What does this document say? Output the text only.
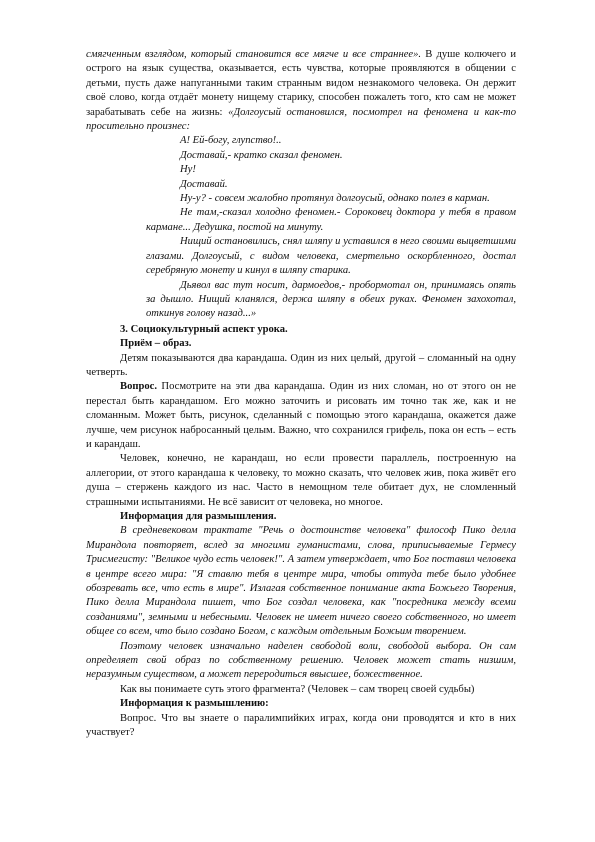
смягченным взглядом, который становится все мягче и все страннее». В душе колючего и острого на язык существа, оказывается, есть чувства, которые проявляются в общении с детьми, пусть даже напуганными таким странным видом незнакомого человека. Он держит своё слово, когда отдаёт монету нищему старику, способен пожалеть того, кто сам не может зарабатывать себе на жизнь: «Долгоусый остановился, посмотрел на феномена и как-то просительно произнес:

А! Ей-богу, глупство!..

Доставай,- кратко сказал феномен.

Ну!

Доставай.

Ну-у? - совсем жалобно протянул долгоусый, однако полез в карман.

Не там,-сказал холодно феномен.- Сороковец доктора у тебя в правом кармане... Дедушка, постой на минуту.

Нищий остановились, снял шляпу и уставился в него своими выцветшими глазами. Долгоусый, с видом человека, смертельно оскорбленного, достал серебряную монету и кинул в шляпу старика.

Дьявол вас тут носит, дармоедов,- пробормотал он, принимаясь опять за дышло. Нищий кланялся, держа шляпу в обеих руках. Феномен захохотал, откинув голову назад...»

3. Социокультурный аспект урока.

Приём – образ.

Детям показываются два карандаша. Один из них целый, другой – сломанный на одну четверть.

Вопрос. Посмотрите на эти два карандаша. Один из них сломан, но от этого он не перестал быть карандашом. Его можно заточить и рисовать им точно так же, как и не сломанным. Может быть, рисунок, сделанный с помощью этого карандаша, окажется даже лучше, чем рисунок набросанный целым. Важно, что сохранился грифель, пока он есть – есть и карандаш.

Человек, конечно, не карандаш, но если провести параллель, построенную на аллегории, от этого карандаша к человеку, то можно сказать, что человек жив, пока живёт его душа – стержень каждого из нас. Часто в немощном теле обитает дух, не сломленный страшными испытаниями. Не всё зависит от человека, но многое.

Информация для размышления.

В средневековом трактате "Речь о достоинстве человека" философ Пико делла Мирандола повторяет, вслед за многими гуманистами, слова, приписываемые Гермесу Трисмегисту: "Великое чудо есть человек!". А затем утверждает, что Бог поставил человека в центре всего мира: "Я ставлю тебя в центре мира, чтобы оттуда тебе было удобнее обозревать все, что есть в мире". Излагая собственное понимание акта Божьего Творения, Пико делла Мирандола пишет, что Бог создал человека, как "посредника между всеми созданиями", земными и небесными. Человек не имеет ничего своего собственного, но имеет общее со всем, что было создано Богом, с каждым отдельным Божьим творением.

Поэтому человек изначально наделен свободой воли, свободой выбора. Он сам определяет свой образ по собственному решению. Человек может стать низшим, неразумным существом, а может переродиться ввысшее, божественное.

Как вы понимаете суть этого фрагмента? (Человек – сам творец своей судьбы)

Информация к размышлению:

Вопрос. Что вы знаете о паралимпийких играх, когда они проводятся и кто в них участвует?
